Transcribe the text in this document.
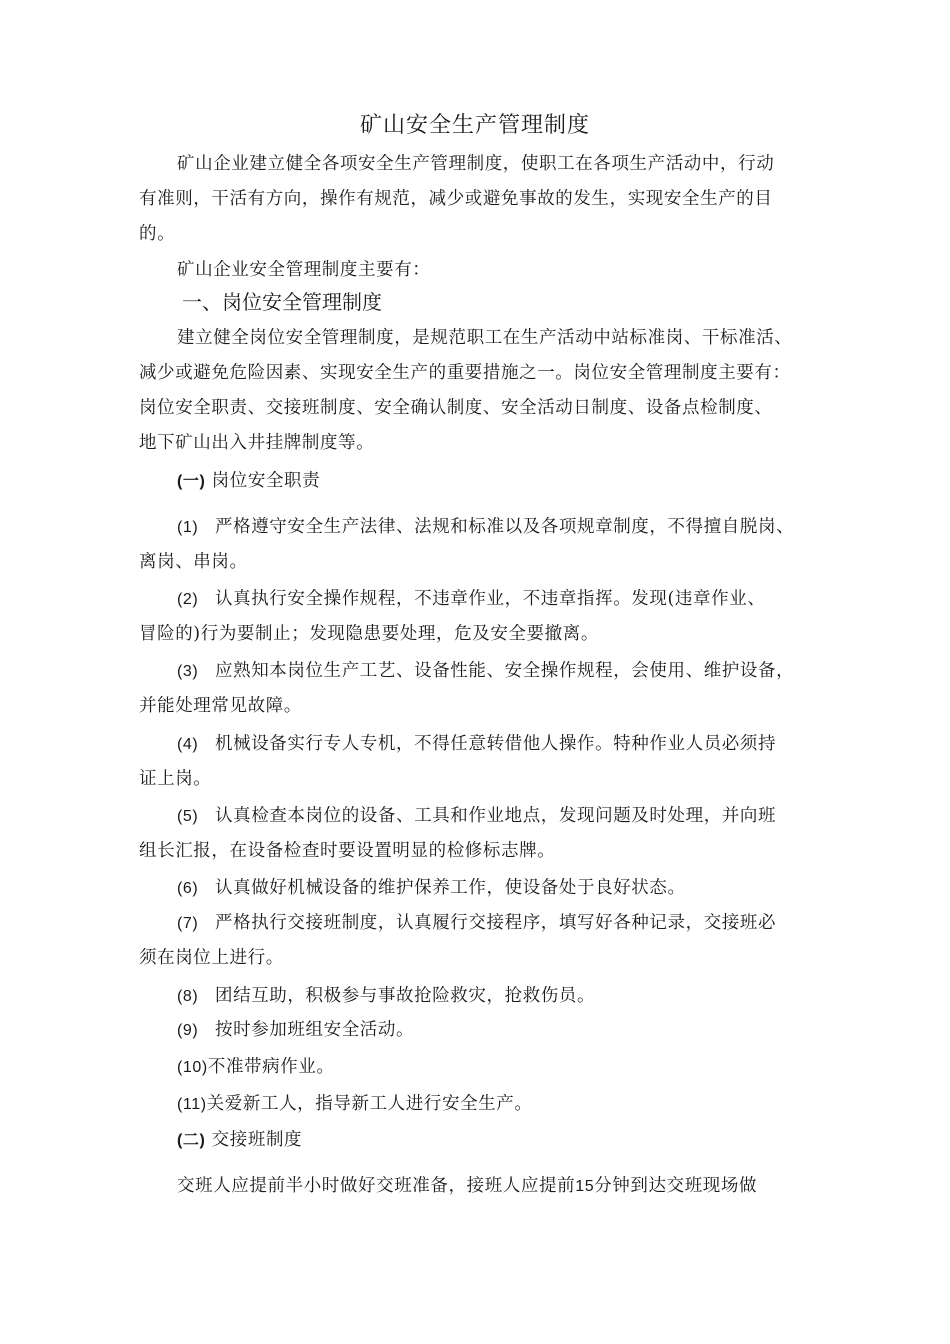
矿山安全生产管理制度
矿山企业建立健全各项安全生产管理制度，使职工在各项生产活动中，行动
有准则，干活有方向，操作有规范，减少或避免事故的发生，实现安全生产的目
的。
矿山企业安全管理制度主要有：
一、岗位安全管理制度
建立健全岗位安全管理制度，是规范职工在生产活动中站标准岗、干标准活、
减少或避免危险因素、实现安全生产的重要措施之一。岗位安全管理制度主要有：
岗位安全职责、交接班制度、安全确认制度、安全活动日制度、设备点检制度、
地下矿山出入井挂牌制度等。
(一) 岗位安全职责
(1) 严格遵守安全生产法律、法规和标准以及各项规章制度，不得擅自脱岗、
离岗、串岗。
(2) 认真执行安全操作规程，不违章作业，不违章指挥。发现(违章作业、
冒险的)行为要制止；发现隐患要处理，危及安全要撤离。
(3) 应熟知本岗位生产工艺、设备性能、安全操作规程，会使用、维护设备，
并能处理常见故障。
(4) 机械设备实行专人专机，不得任意转借他人操作。特种作业人员必须持
证上岗。
(5) 认真检查本岗位的设备、工具和作业地点，发现问题及时处理，并向班
组长汇报，在设备检查时要设置明显的检修标志牌。
(6) 认真做好机械设备的维护保养工作，使设备处于良好状态。
(7) 严格执行交接班制度，认真履行交接程序，填写好各种记录，交接班必
须在岗位上进行。
(8) 团结互助，积极参与事故抢险救灾，抢救伤员。
(9) 按时参加班组安全活动。
(10)不准带病作业。
(11)关爱新工人，指导新工人进行安全生产。
(二) 交接班制度
交班人应提前半小时做好交班准备，接班人应提前15分钟到达交班现场做
